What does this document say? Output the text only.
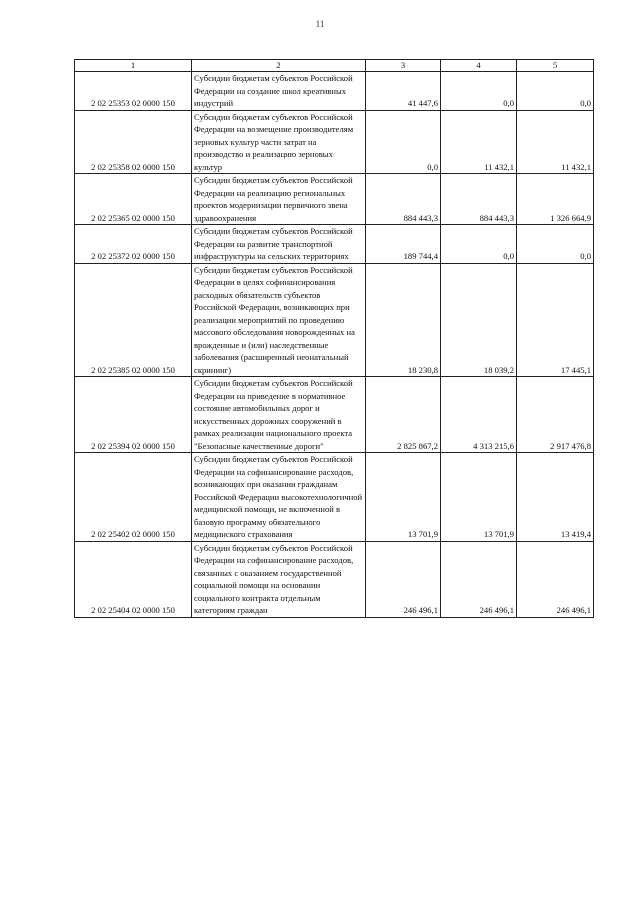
11
1	2	3	4	5
2 02 25353 02 0000 150	Субсидии бюджетам субъектов Российской Федерации на создание школ креативных индустрий	41 447,6	0,0	0,0
2 02 25358 02 0000 150	Субсидии бюджетам субъектов Российской Федерации на возмещение производителям зерновых культур части затрат на производство и реализацию зерновых культур	0,0	11 432,1	11 432,1
2 02 25365 02 0000 150	Субсидии бюджетам субъектов Российской Федерации на реализацию региональных проектов модернизации первичного звена здравоохранения	884 443,3	884 443,3	1 326 664,9
2 02 25372 02 0000 150	Субсидии бюджетам субъектов Российской Федерации на развитие транспортной инфраструктуры на сельских территориях	189 744,4	0,0	0,0
2 02 25385 02 0000 150	Субсидии бюджетам субъектов Российской Федерации в целях софинансирования расходных обязательств субъектов Российской Федерации, возникающих при реализации мероприятий по проведению массового обследования новорожденных на врожденные и (или) наследственные заболевания (расширенный неонатальный скрининг)	18 230,8	18 039,2	17 445,1
2 02 25394 02 0000 150	Субсидии бюджетам субъектов Российской Федерации на приведение в нормативное состояние автомобильных дорог и искусственных дорожных сооружений в рамках реализации национального проекта "Безопасные качественные дороги"	2 825 867,2	4 313 215,6	2 917 476,8
2 02 25402 02 0000 150	Субсидии бюджетам субъектов Российской Федерации на софинансирование расходов, возникающих при оказании гражданам Российской Федерации высокотехнологичной медицинской помощи, не включенной в базовую программу обязательного медицинского страхования	13 701,9	13 701,9	13 419,4
2 02 25404 02 0000 150	Субсидии бюджетам субъектов Российской Федерации на софинансирование расходов, связанных с оказанием государственной социальной помощи на основании социального контракта отдельным категориям граждан	246 496,1	246 496,1	246 496,1
